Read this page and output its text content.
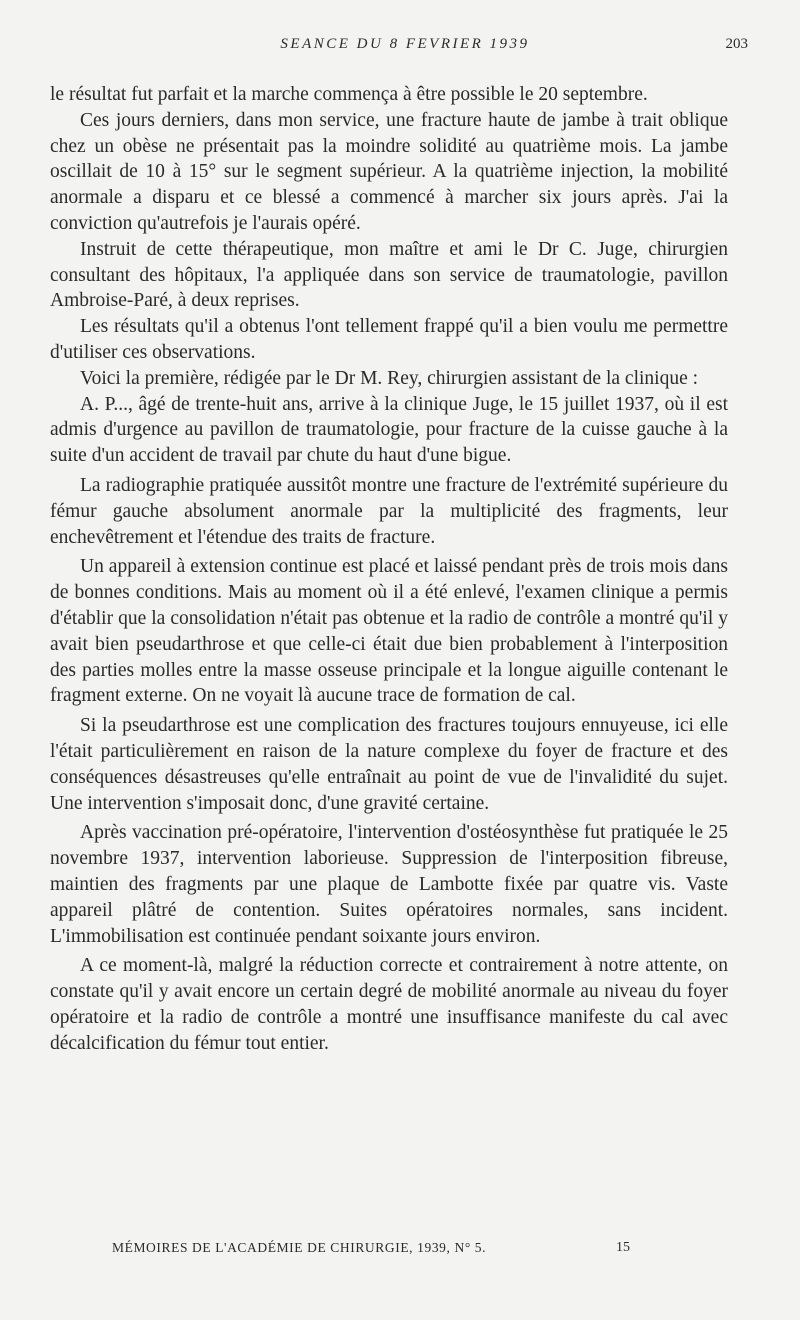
SEANCE DU 8 FEVRIER 1939	203

le résultat fut parfait et la marche commença à être possible le 20 septembre.

Ces jours derniers, dans mon service, une fracture haute de jambe à trait oblique chez un obèse ne présentait pas la moindre solidité au quatrième mois. La jambe oscillait de 10 à 15° sur le segment supérieur. A la quatrième injection, la mobilité anormale a disparu et ce blessé a commencé à marcher six jours après. J'ai la conviction qu'autrefois je l'aurais opéré.

Instruit de cette thérapeutique, mon maître et ami le Dr C. Juge, chirurgien consultant des hôpitaux, l'a appliquée dans son service de traumatologie, pavillon Ambroise-Paré, à deux reprises.

Les résultats qu'il a obtenus l'ont tellement frappé qu'il a bien voulu me permettre d'utiliser ces observations.

Voici la première, rédigée par le Dr M. Rey, chirurgien assistant de la clinique :

A. P..., âgé de trente-huit ans, arrive à la clinique Juge, le 15 juillet 1937, où il est admis d'urgence au pavillon de traumatologie, pour fracture de la cuisse gauche à la suite d'un accident de travail par chute du haut d'une bigue.

La radiographie pratiquée aussitôt montre une fracture de l'extrémité supérieure du fémur gauche absolument anormale par la multiplicité des fragments, leur enchevêtrement et l'étendue des traits de fracture.

Un appareil à extension continue est placé et laissé pendant près de trois mois dans de bonnes conditions. Mais au moment où il a été enlevé, l'examen clinique a permis d'établir que la consolidation n'était pas obtenue et la radio de contrôle a montré qu'il y avait bien pseudarthrose et que celle-ci était due bien probablement à l'interposition des parties molles entre la masse osseuse principale et la longue aiguille contenant le fragment externe. On ne voyait là aucune trace de formation de cal.

Si la pseudarthrose est une complication des fractures toujours ennuyeuse, ici elle l'était particulièrement en raison de la nature complexe du foyer de fracture et des conséquences désastreuses qu'elle entraînait au point de vue de l'invalidité du sujet. Une intervention s'imposait donc, d'une gravité certaine.

Après vaccination pré-opératoire, l'intervention d'ostéosynthèse fut pratiquée le 25 novembre 1937, intervention laborieuse. Suppression de l'interposition fibreuse, maintien des fragments par une plaque de Lambotte fixée par quatre vis. Vaste appareil plâtré de contention. Suites opératoires normales, sans incident. L'immobilisation est continuée pendant soixante jours environ.

A ce moment-là, malgré la réduction correcte et contrairement à notre attente, on constate qu'il y avait encore un certain degré de mobilité anormale au niveau du foyer opératoire et la radio de contrôle a montré une insuffisance manifeste du cal avec décalcification du fémur tout entier.

MÉMOIRES DE L'ACADÉMIE DE CHIRURGIE, 1939, N° 5.	15
